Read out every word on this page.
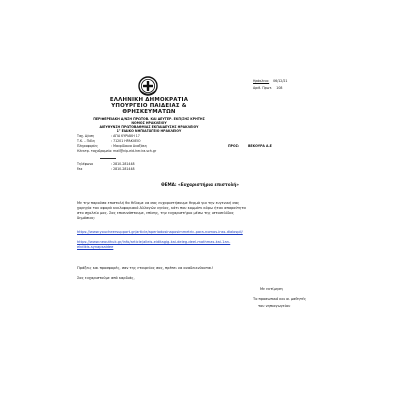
ΕΛΛΗΝΙΚΗ ΔΗΜΟΚΡΑΤΙΑ
ΥΠΟΥΡΓΕΙΟ ΠΑΙΔΕΙΑΣ &
ΘΡΗΣΚΕΥΜΑΤΩΝ
ΠΕΡΙΦΕΡΕΙΑΚΗ Δ/ΝΣΗ ΠΡΩΤΟΒ. ΚΑΙ ΔΕΥΤΕΡ. ΕΚΠ/ΣΗΣ ΚΡΗΤΗΣ
ΝΟΜΟΣ ΗΡΑΚΛΕΙΟΥ
ΔΙΕΥΘΥΝΣΗ ΠΡΩΤΟΒΑΘΜΙΑΣ ΕΚΠΑΙΔΕΥΣΗΣ ΗΡΑΚΛΕΙΟΥ
1° ΕΙΔΙΚΟ ΝΗΠΙΑΓΩΓΕΙΟ ΗΡΑΚΛΕΙΟΥ
Ηράκλειο: 06/12/21
Αριθ. Πρωτ. 108
Ταχ. Δ/νση	: ΑΓΙΑ ΚΥΡΙΑΚΗ 17
Τ.Κ. – Πόλη	: 71201 ΗΡΑΚΛΕΙΟ
Πληροφορίες	: Μαυρίδαινα Αναξάκη
Ηλεκτρ. ταχυδρομείο : mail@nip-eid-her.ira.sch.gr
ΠΡΟΣ:	ΒΕΚΟΥΡΑ Α.Ε
Τηλέφωνο	: 2810-281448
Fax	: 2810-281448
ΘΕΜΑ: «Ευχαριστήρια επιστολή»
Με την παρούσα επιστολή θα θέλαμε να σας ευχαριστήσουμε θερμά για την ευγενική σας
χορηγία του αφορά κυκλοφοριακό Αλλαγών υγείας, κάτι που κομμάτι κόρω ήταν απαραίτητα
στο σχολείο μας. Σας επισυνάπτουμε, επίσης, την ευχαριστήριο μέσω της ιστοσελίδας
δημόσιας:
https://www.youcheersupport.gr/article/aperiodosinaposimmetric-para-nomos-inss-dialospil/
https://www.neouthuk.gr/info/article/alleis-eiditagig-kai-deleg-deel-mathmas-kai-1an-
ekdikis-synapsaidee
Πράξεις και προσφορές, σαν της εταιρείας σας, πρέπει να αναδεικνύονται!
Σας ευχαριστούμε από καρδιάς,
Με εκτίμηση
Το προσωπικό και οι μαθητές
του νηπιαγωγείου
